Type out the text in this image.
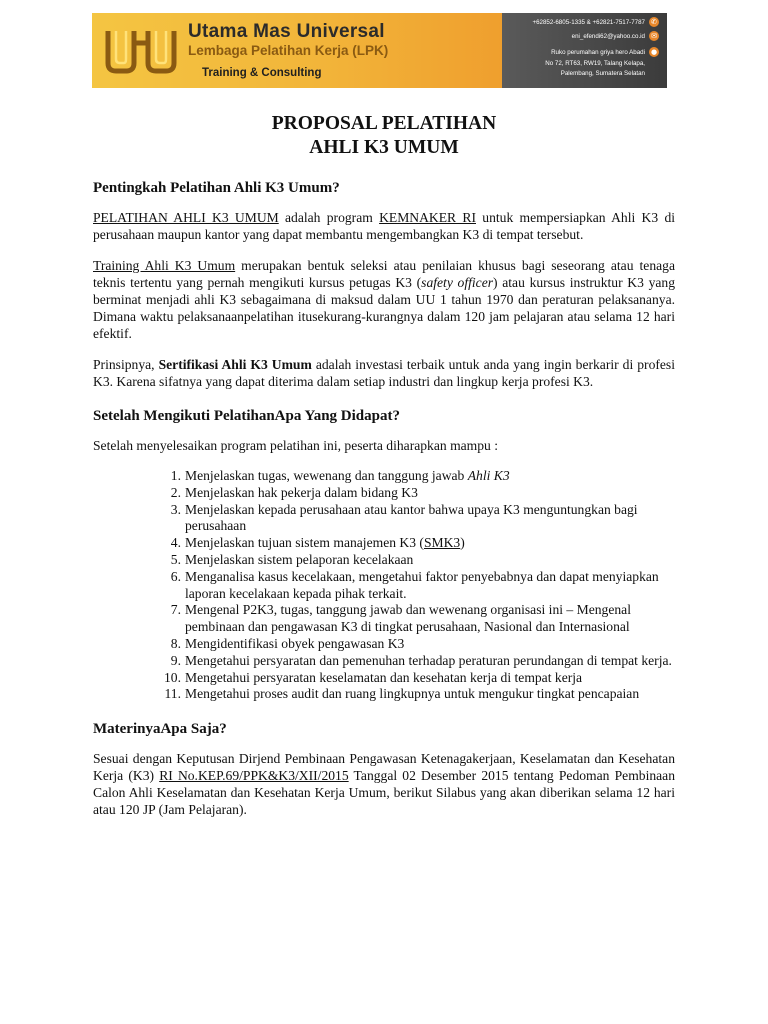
Utama Mas Universal
Lembaga Pelatihan Kerja (LPK)
Training & Consulting
+62852-6805-1335 & +62821-7517-7787 ✆
eni_efendi62@yahoo.co.id ✉
Ruko perumahan griya hero Abadi ●
No 72, RT63, RW19, Talang Kelapa,
Palembang, Sumatera Selatan
PROPOSAL PELATIHAN
AHLI K3 UMUM
Pentingkah Pelatihan Ahli K3 Umum?

PELATIHAN AHLI K3 UMUM adalah program KEMNAKER RI untuk mempersiapkan Ahli K3 di perusahaan maupun kantor yang dapat membantu mengembangkan K3 di tempat tersebut.

Training Ahli K3 Umum merupakan bentuk seleksi atau penilaian khusus bagi seseorang atau tenaga teknis tertentu yang pernah mengikuti kursus petugas K3 (safety officer) atau kursus instruktur K3 yang berminat menjadi ahli K3 sebagaimana di maksud dalam UU 1 tahun 1970 dan peraturan pelaksananya. Dimana waktu pelaksanaanpelatihan itusekurang-kurangnya dalam 120 jam pelajaran atau selama 12 hari efektif.

Prinsipnya, Sertifikasi Ahli K3 Umum adalah investasi terbaik untuk anda yang ingin berkarir di profesi K3. Karena sifatnya yang dapat diterima dalam setiap industri dan lingkup kerja profesi K3.

Setelah Mengikuti PelatihanApa Yang Didapat?

Setelah menyelesaikan program pelatihan ini, peserta diharapkan mampu :

1. Menjelaskan tugas, wewenang dan tanggung jawab Ahli K3
2. Menjelaskan hak pekerja dalam bidang K3
3. Menjelaskan kepada perusahaan atau kantor bahwa upaya K3 menguntungkan bagi perusahaan
4. Menjelaskan tujuan sistem manajemen K3 (SMK3)
5. Menjelaskan sistem pelaporan kecelakaan
6. Menganalisa kasus kecelakaan, mengetahui faktor penyebabnya dan dapat menyiapkan laporan kecelakaan kepada pihak terkait.
7. Mengenal P2K3, tugas, tanggung jawab dan wewenang organisasi ini – Mengenal pembinaan dan pengawasan K3 di tingkat perusahaan, Nasional dan Internasional
8. Mengidentifikasi obyek pengawasan K3
9. Mengetahui persyaratan dan pemenuhan terhadap peraturan perundangan di tempat kerja.
10. Mengetahui persyaratan keselamatan dan kesehatan kerja di tempat kerja
11. Mengetahui proses audit dan ruang lingkupnya untuk mengukur tingkat pencapaian
MaterinyaApa Saja?

Sesuai dengan Keputusan Dirjend Pembinaan Pengawasan Ketenagakerjaan, Keselamatan dan Kesehatan Kerja (K3) RI No.KEP.69/PPK&K3/XII/2015 Tanggal 02 Desember 2015 tentang Pedoman Pembinaan Calon Ahli Keselamatan dan Kesehatan Kerja Umum, berikut Silabus yang akan diberikan selama 12 hari atau 120 JP (Jam Pelajaran).
